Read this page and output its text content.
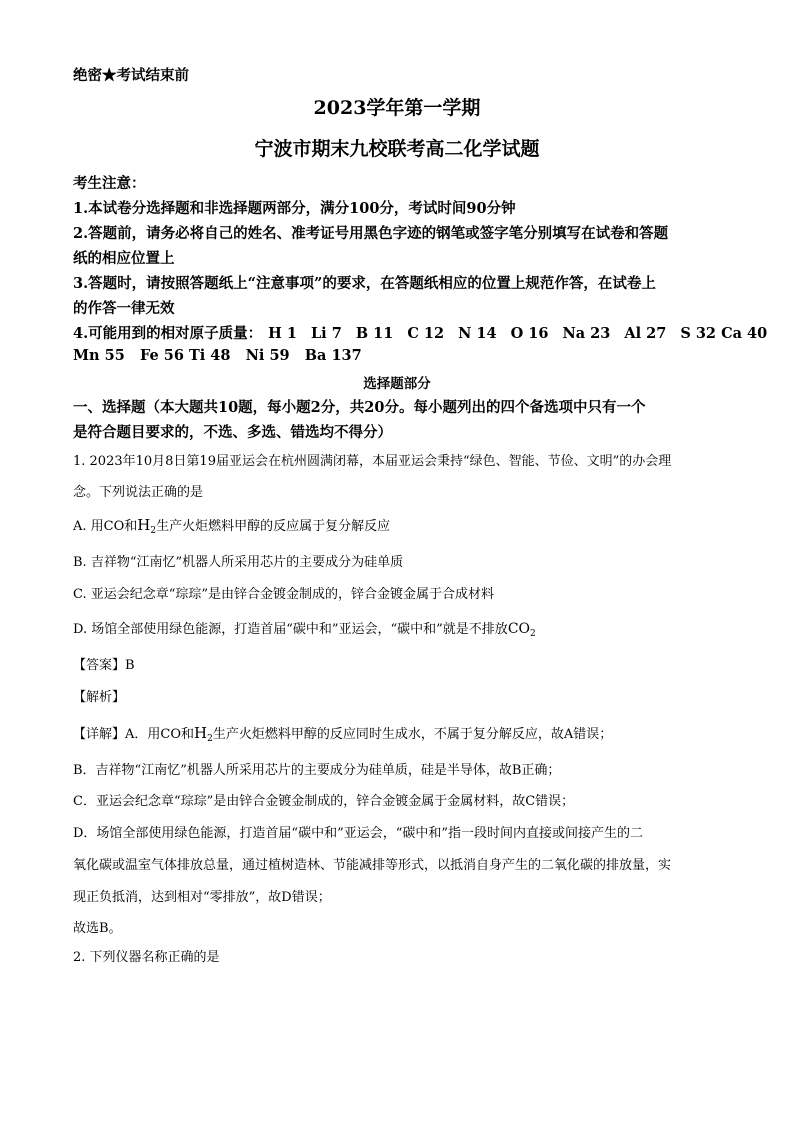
绝密★考试结束前
2023学年第一学期
宁波市期末九校联考高二化学试题
考生注意：
1.本试卷分选择题和非选择题两部分，满分100分，考试时间90分钟
2.答题前，请务必将自己的姓名、准考证号用黑色字迹的钢笔或签字笔分别填写在试卷和答题
纸的相应位置上
3.答题时，请按照答题纸上“注意事项”的要求，在答题纸相应的位置上规范作答，在试卷上
的作答一律无效
4.可能用到的相对原子质量： H 1 Li 7 B 11 C 12 N 14 O 16 Na 23 Al 27 S 32 Ca 40
Mn 55   Fe 56 Ti 48   Ni 59   Ba 137
选择题部分
一、选择题（本大题共10题，每小题2分，共20分。每小题列出的四个备选项中只有一个
是符合题目要求的，不选、多选、错选均不得分）
1. 2023年10月8日第19届亚运会在杭州圆满闭幕，本届亚运会秉持“绿色、智能、节俭、文明”的办会理
念。下列说法正确的是
A. 用CO和$H_2$生产火炬燃料甲醇的反应属于复分解反应
B. 吉祥物“江南忆”机器人所采用芯片的主要成分为硅单质
C. 亚运会纪念章“琮琮”是由锌合金镀金制成的，锌合金镀金属于合成材料
D. 场馆全部使用绿色能源，打造首届“碳中和”亚运会，“碳中和”就是不排放$CO_2$
【答案】B
【解析】
【详解】A．用CO和$H_2$生产火炬燃料甲醇的反应同时生成水，不属于复分解反应，故A错误；
B．吉祥物“江南忆”机器人所采用芯片的主要成分为硅单质，硅是半导体，故B正确；
C．亚运会纪念章“琮琮”是由锌合金镀金制成的，锌合金镀金属于金属材料，故C错误；
D．场馆全部使用绿色能源，打造首届“碳中和”亚运会，“碳中和”指一段时间内直接或间接产生的二
氧化碳或温室气体排放总量，通过植树造林、节能减排等形式，以抵消自身产生的二氧化碳的排放量，实
现正负抵消，达到相对“零排放”，故D错误；
故选B。
2. 下列仪器名称正确的是
